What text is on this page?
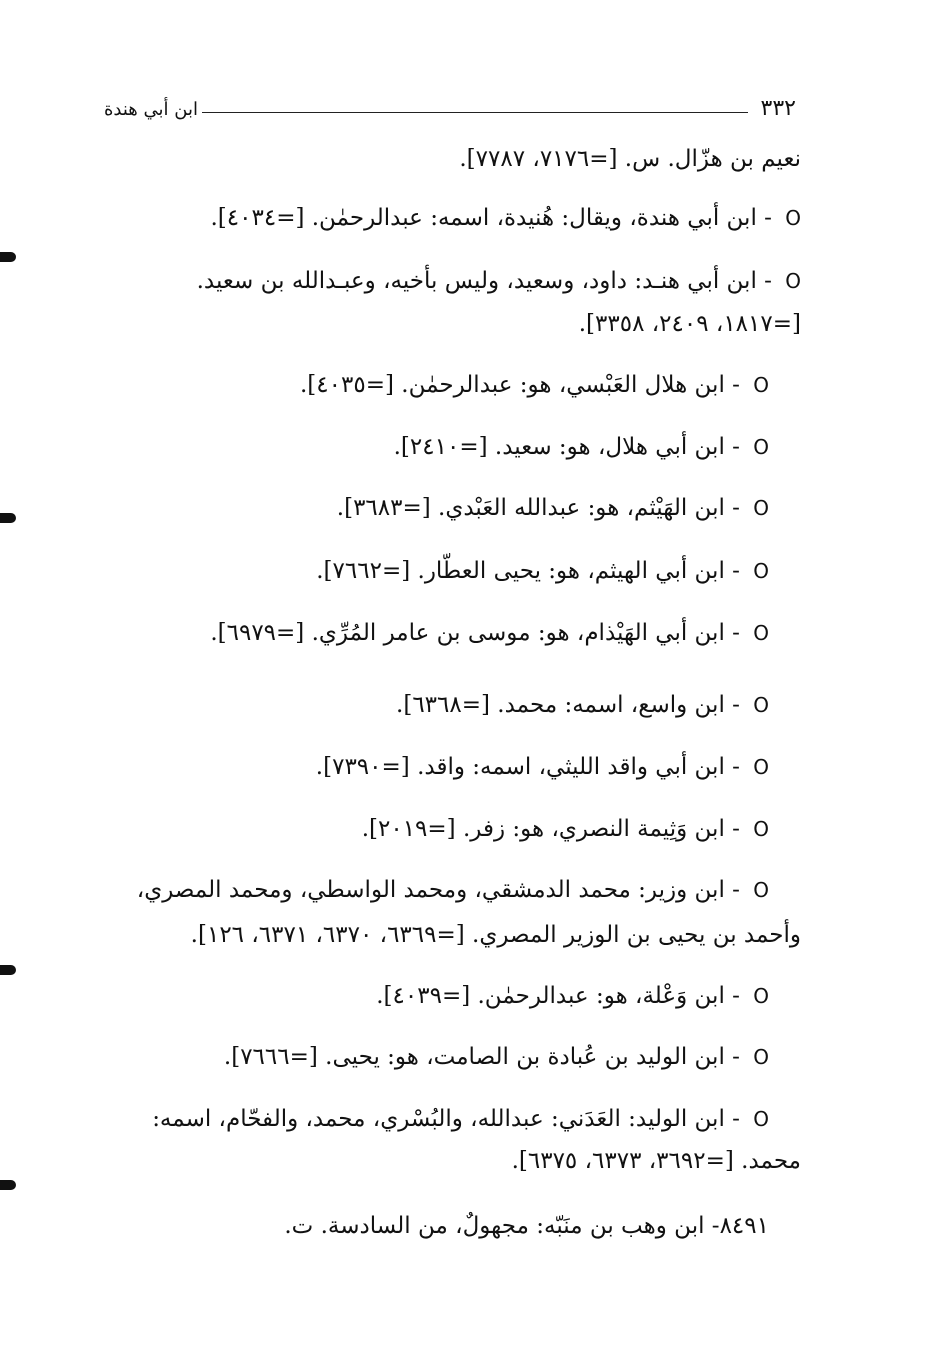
٣٣٢
ابن أبي هندة
نعيم بن هزّال. س. [=٧١٧٦، ٧٧٨٧].
O - ابن أبي هندة، ويقال: هُنيدة، اسمه: عبدالرحمٰن. [=٤٠٣٤].
O - ابن أبي هنـد: داود، وسعيد، وليس بأخيه، وعبـدالله بن سعيد.
[=١٨١٧، ٢٤٠٩، ٣٣٥٨].
O - ابن هلال العَبْسي، هو: عبدالرحمٰن. [=٤٠٣٥].
O - ابن أبي هلال، هو: سعيد. [=٢٤١٠].
O - ابن الهَيْثم، هو: عبدالله العَبْدي. [=٣٦٨٣].
O - ابن أبي الهيثم، هو: يحيى العطّار. [=٧٦٦٢].
O - ابن أبي الهَيْذام، هو: موسى بن عامر المُرِّي. [=٦٩٧٩].
O - ابن واسع، اسمه: محمد. [=٦٣٦٨].
O - ابن أبي واقد الليثي، اسمه: واقد. [=٧٣٩٠].
O - ابن وَثِيمة النصري، هو: زفر. [=٢٠١٩].
O - ابن وزير: محمد الدمشقي، ومحمد الواسطي، ومحمد المصري،
وأحمد بن يحيى بن الوزير المصري. [=٦٣٦٩، ٦٣٧٠، ٦٣٧١، ١٢٦].
O - ابن وَعْلة، هو: عبدالرحمٰن. [=٤٠٣٩].
O - ابن الوليد بن عُبادة بن الصامت، هو: يحيى. [=٧٦٦٦].
O - ابن الوليد: العَدَني: عبدالله، والبُسْري، محمد، والفحّام، اسمه:
محمد. [=٣٦٩٢، ٦٣٧٣، ٦٣٧٥].
٨٤٩١- ابن وهب بن منَبّه: مجهولٌ، من السادسة. ت.
